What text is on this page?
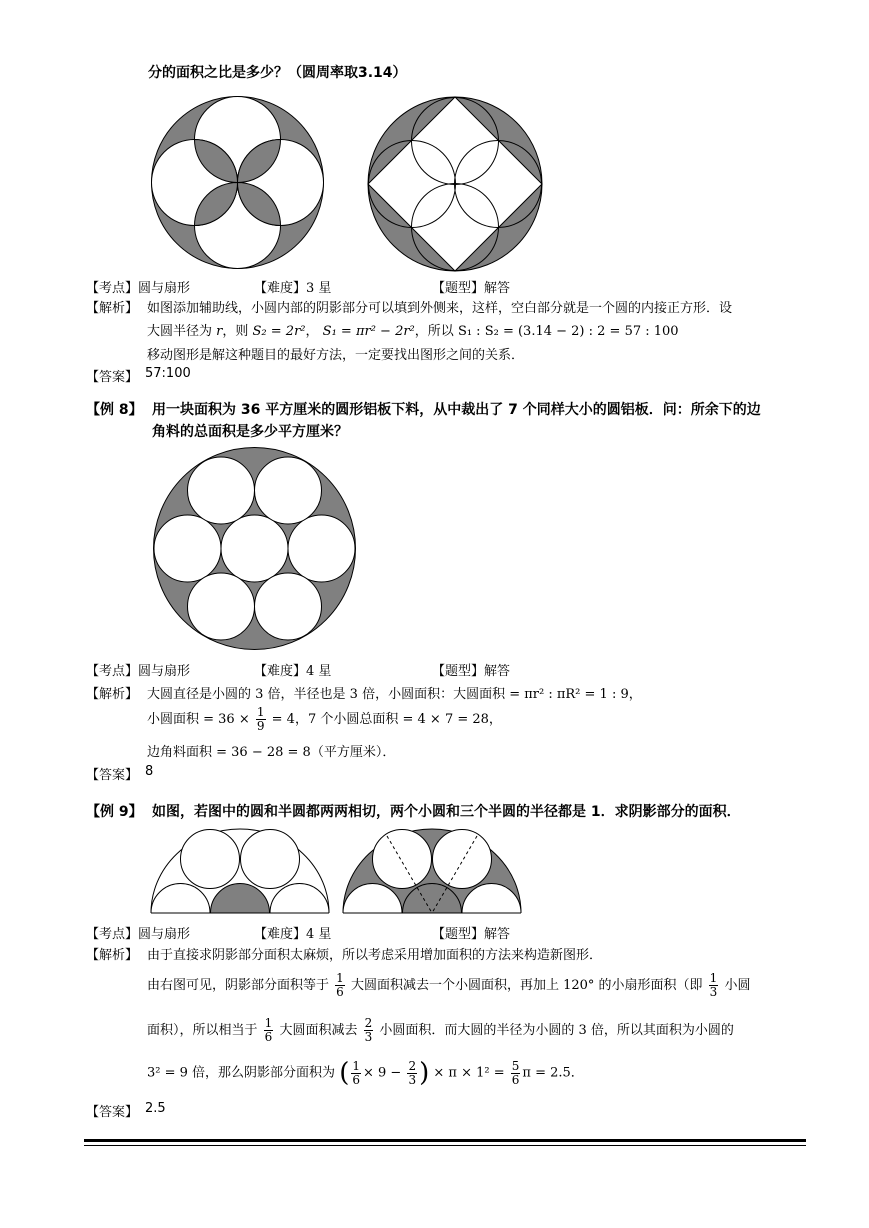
分的面积之比是多少？（圆周率取3.14）
【考点】圆与扇形	【难度】3 星	【题型】解答
【解析】 如图添加辅助线，小圆内部的阴影部分可以填到外侧来，这样，空白部分就是一个圆的内接正方形．设
大圆半径为 r，则 S₂ = 2r²， S₁ = πr² − 2r²，所以 S₁ : S₂ = (3.14 − 2) : 2 = 57 : 100
移动图形是解这种题目的最好方法，一定要找出图形之间的关系．
【答案】 57:100
【例 8】 用一块面积为 36 平方厘米的圆形铝板下料，从中裁出了 7 个同样大小的圆铝板．问：所余下的边
角料的总面积是多少平方厘米？
【考点】圆与扇形	【难度】4 星	【题型】解答
【解析】 大圆直径是小圆的 3 倍，半径也是 3 倍，小圆面积：大圆面积 = πr² : πR² = 1 : 9，
小圆面积 = $36 \times \frac{1}{9} = 4$，7 个小圆总面积 = 4 × 7 = 28，
边角料面积 = 36 − 28 = 8（平方厘米）．
【答案】 8
【例 9】 如图，若图中的圆和半圆都两两相切，两个小圆和三个半圆的半径都是 1．求阴影部分的面积．
【考点】圆与扇形	【难度】4 星	【题型】解答
【解析】 由于直接求阴影部分面积太麻烦，所以考虑采用增加面积的方法来构造新图形．
由右图可见，阴影部分面积等于 $\frac{1}{6}$ 大圆面积减去一个小圆面积，再加上 120° 的小扇形面积（即 $\frac{1}{3}$ 小圆
面积），所以相当于 $\frac{1}{6}$ 大圆面积减去 $\frac{2}{3}$ 小圆面积．而大圆的半径为小圆的 3 倍，所以其面积为小圆的
3² = 9 倍，那么阴影部分面积为 ( $\frac{1}{6} \times 9 - \frac{2}{3}$ ) × $\pi \times 1^2 = \frac{5}{6}$ π = 2.5．
【答案】 2.5
